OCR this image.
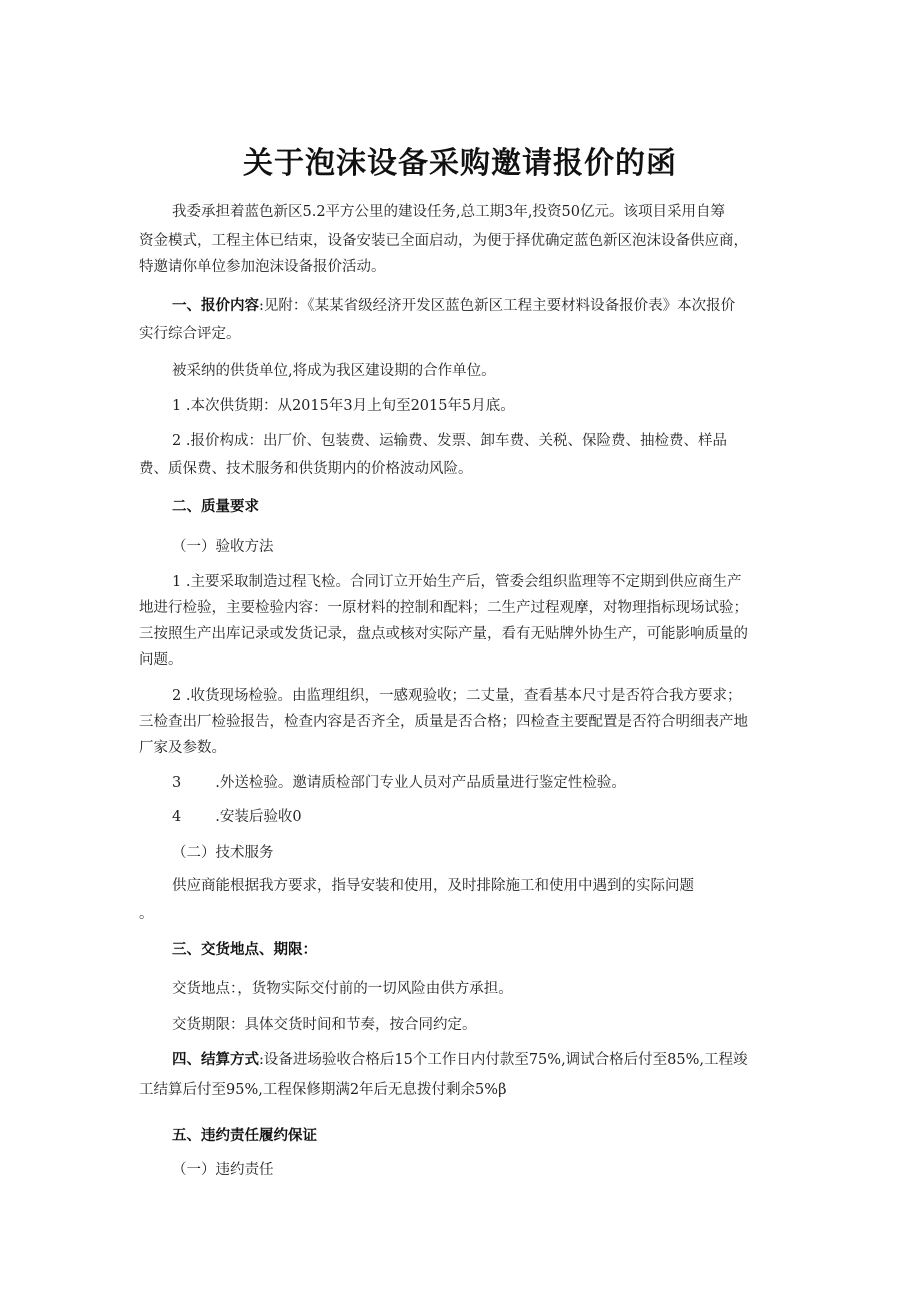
关于泡沫设备采购邀请报价的函
我委承担着蓝色新区5.2平方公里的建设任务,总工期3年,投资50亿元。该项目采用自筹
资金模式，工程主体已结束，设备安装已全面启动，为便于择优确定蓝色新区泡沫设备供应商，
特邀请你单位参加泡沫设备报价活动。
一、报价内容:见附：《某某省级经济开发区蓝色新区工程主要材料设备报价表》本次报价
实行综合评定。
被采纳的供货单位,将成为我区建设期的合作单位。
1 .本次供货期：从2015年3月上旬至2015年5月底。
2 .报价构成：出厂价、包装费、运输费、发票、卸车费、关税、保险费、抽检费、样品
费、质保费、技术服务和供货期内的价格波动风险。
二、质量要求
（一）验收方法
1 .主要采取制造过程飞检。合同订立开始生产后，管委会组织监理等不定期到供应商生产
地进行检验，主要检验内容：一原材料的控制和配料；二生产过程观摩，对物理指标现场试验；
三按照生产出库记录或发货记录，盘点或核对实际产量，看有无贴牌外协生产，可能影响质量的
问题。
2 .收货现场检验。由监理组织，一感观验收；二丈量，查看基本尺寸是否符合我方要求；
三检查出厂检验报告，检查内容是否齐全，质量是否合格；四检查主要配置是否符合明细表产地
厂家及参数。
3 .外送检验。邀请质检部门专业人员对产品质量进行鉴定性检验。
4 .安装后验收0
（二）技术服务
供应商能根据我方要求，指导安装和使用，及时排除施工和使用中遇到的实际问题
。
三、交货地点、期限：
交货地点：，货物实际交付前的一切风险由供方承担。
交货期限：具体交货时间和节奏，按合同约定。
四、结算方式:设备进场验收合格后15个工作日内付款至75%,调试合格后付至85%,工程竣
工结算后付至95%,工程保修期满2年后无息拨付剩余5%β
五、违约责任履约保证
（一）违约责任
